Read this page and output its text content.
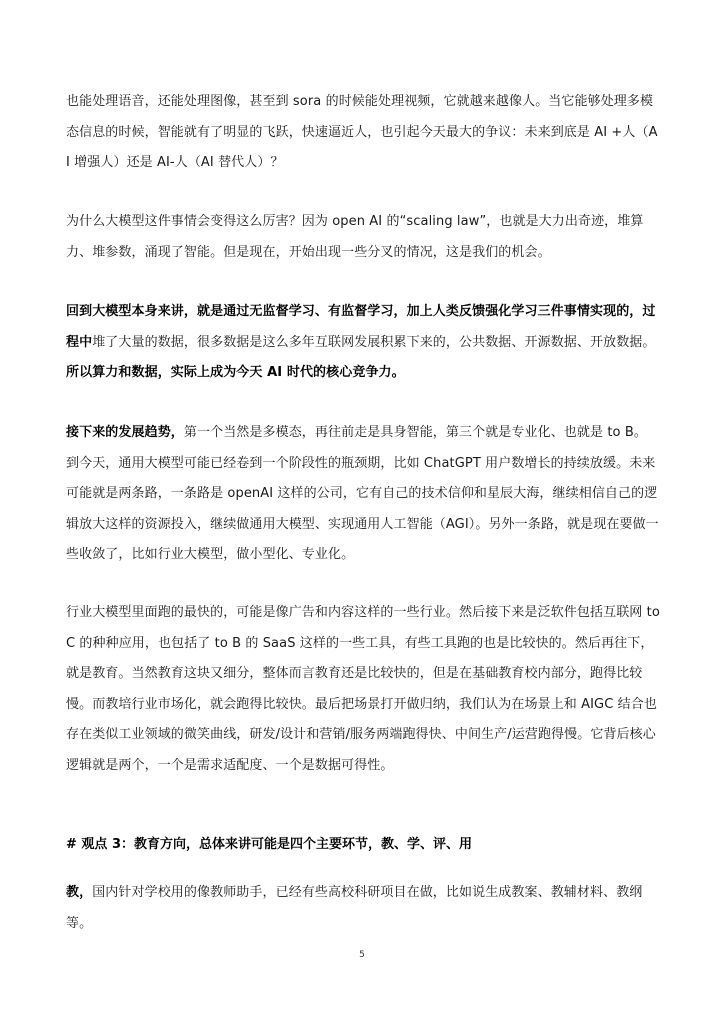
也能处理语音，还能处理图像，甚至到 sora 的时候能处理视频，它就越来越像人。当它能够处理多模态信息的时候，智能就有了明显的飞跃，快速逼近人，也引起今天最大的争议：未来到底是 AI +人（AI 增强人）还是 AI-人（AI 替代人）？

为什么大模型这件事情会变得这么厉害？因为 open AI 的“scaling law”，也就是大力出奇迹，堆算力、堆参数，涌现了智能。但是现在，开始出现一些分叉的情况，这是我们的机会。

回到大模型本身来讲，就是通过无监督学习、有监督学习，加上人类反馈强化学习三件事情实现的，过程中堆了大量的数据，很多数据是这么多年互联网发展积累下来的，公共数据、开源数据、开放数据。所以算力和数据，实际上成为今天 AI 时代的核心竞争力。

接下来的发展趋势，第一个当然是多模态，再往前走是具身智能，第三个就是专业化、也就是 to B。到今天，通用大模型可能已经卷到一个阶段性的瓶颈期，比如 ChatGPT 用户数增长的持续放缓。未来可能就是两条路，一条路是 openAI 这样的公司，它有自己的技术信仰和星辰大海，继续相信自己的逻辑放大这样的资源投入，继续做通用大模型、实现通用人工智能（AGI）。另外一条路，就是现在要做一些收敛了，比如行业大模型，做小型化、专业化。

行业大模型里面跑的最快的，可能是像广告和内容这样的一些行业。然后接下来是泛软件包括互联网 to C 的种种应用，也包括了 to B 的 SaaS 这样的一些工具，有些工具跑的也是比较快的。然后再往下，就是教育。当然教育这块又细分，整体而言教育还是比较快的，但是在基础教育校内部分，跑得比较慢。而教培行业市场化，就会跑得比较快。最后把场景打开做归纳，我们认为在场景上和 AIGC 结合也存在类似工业领域的微笑曲线，研发/设计和营销/服务两端跑得快、中间生产/运营跑得慢。它背后核心逻辑就是两个，一个是需求适配度、一个是数据可得性。

# 观点 3：教育方向，总体来讲可能是四个主要环节，教、学、评、用

教，国内针对学校用的像教师助手，已经有些高校科研项目在做，比如说生成教案、教辅材料、教纲等。

5
